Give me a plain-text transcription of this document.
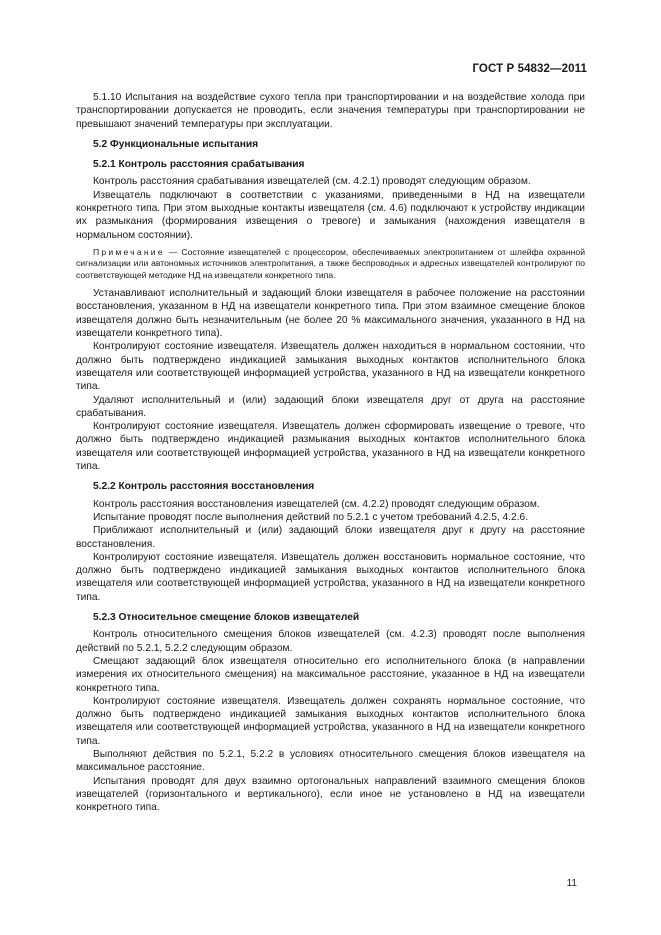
ГОСТ Р 54832—2011

5.1.10 Испытания на воздействие сухого тепла при транспортировании и на воздействие холода при транспортировании допускается не проводить, если значения температуры при транспортировании не превышают значений температуры при эксплуатации.

5.2 Функциональные испытания

5.2.1 Контроль расстояния срабатывания

Контроль расстояния срабатывания извещателей (см. 4.2.1) проводят следующим образом.

Извещатель подключают в соответствии с указаниями, приведенными в НД на извещатели конкретного типа. При этом выходные контакты извещателя (см. 4.6) подключают к устройству индикации их размыкания (формирования извещения о тревоге) и замыкания (нахождения извещателя в нормальном состоянии).

Примечание — Состояние извещателей с процессором, обеспечиваемых электропитанием от шлейфа охранной сигнализации или автономных источников электропитания, а также беспроводных и адресных извещателей контролируют по соответствующей методике НД на извещатели конкретного типа.

Устанавливают исполнительный и задающий блоки извещателя в рабочее положение на расстоянии восстановления, указанном в НД на извещатели конкретного типа. При этом взаимное смещение блоков извещателя должно быть незначительным (не более 20 % максимального значения, указанного в НД на извещатели конкретного типа).

Контролируют состояние извещателя. Извещатель должен находиться в нормальном состоянии, что должно быть подтверждено индикацией замыкания выходных контактов исполнительного блока извещателя или соответствующей информацией устройства, указанного в НД на извещатели конкретного типа.

Удаляют исполнительный и (или) задающий блоки извещателя друг от друга на расстояние срабатывания.

Контролируют состояние извещателя. Извещатель должен сформировать извещение о тревоге, что должно быть подтверждено индикацией размыкания выходных контактов исполнительного блока извещателя или соответствующей информацией устройства, указанного в НД на извещатели конкретного типа.

5.2.2 Контроль расстояния восстановления

Контроль расстояния восстановления извещателей (см. 4.2.2) проводят следующим образом.

Испытание проводят после выполнения действий по 5.2.1 с учетом требований 4.2.5, 4.2.6.

Приближают исполнительный и (или) задающий блоки извещателя друг к другу на расстояние восстановления.

Контролируют состояние извещателя. Извещатель должен восстановить нормальное состояние, что должно быть подтверждено индикацией замыкания выходных контактов исполнительного блока извещателя или соответствующей информацией устройства, указанного в НД на извещатели конкретного типа.

5.2.3 Относительное смещение блоков извещателей

Контроль относительного смещения блоков извещателей (см. 4.2.3) проводят после выполнения действий по 5.2.1, 5.2.2 следующим образом.

Смещают задающий блок извещателя относительно его исполнительного блока (в направлении измерения их относительного смещения) на максимальное расстояние, указанное в НД на извещатели конкретного типа.

Контролируют состояние извещателя. Извещатель должен сохранять нормальное состояние, что должно быть подтверждено индикацией замыкания выходных контактов исполнительного блока извещателя или соответствующей информацией устройства, указанного в НД на извещатели конкретного типа.

Выполняют действия по 5.2.1, 5.2.2 в условиях относительного смещения блоков извещателя на максимальное расстояние.

Испытания проводят для двух взаимно ортогональных направлений взаимного смещения блоков извещателей (горизонтального и вертикального), если иное не установлено в НД на извещатели конкретного типа.

11
